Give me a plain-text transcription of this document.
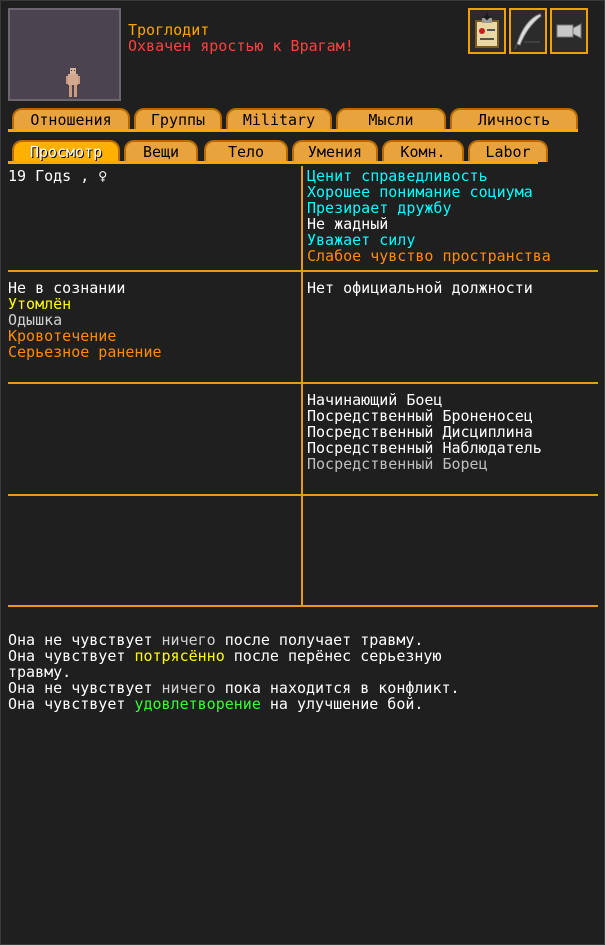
Троглодит
Охвачен яростью к Врагам!
Отношения	Группы	Military	Мысли	Личность
Просмотр	Вещи	Тело	Умения	Комн.	Labor
19 Годs , ♀	Ценит справедливость
Хорошее понимание социума
Презирает дружбу
Не жадный
Уважает силу
Слабое чувство пространства
Не в сознании
Утомлён
Одышка
Кровотечение
Серьезное ранение
Нет официальной должности
Начинающий Боец
Посредственный Броненосец
Посредственный Дисциплина
Посредственный Наблюдатель
Посредственный Борец
Она не чувствует ничего после получает травму.
Она чувствует потрясённо после перёнес серьезную
травму.
Она не чувствует ничего пока находится в конфликт.
Она чувствует удовлетворение на улучшение бой.
